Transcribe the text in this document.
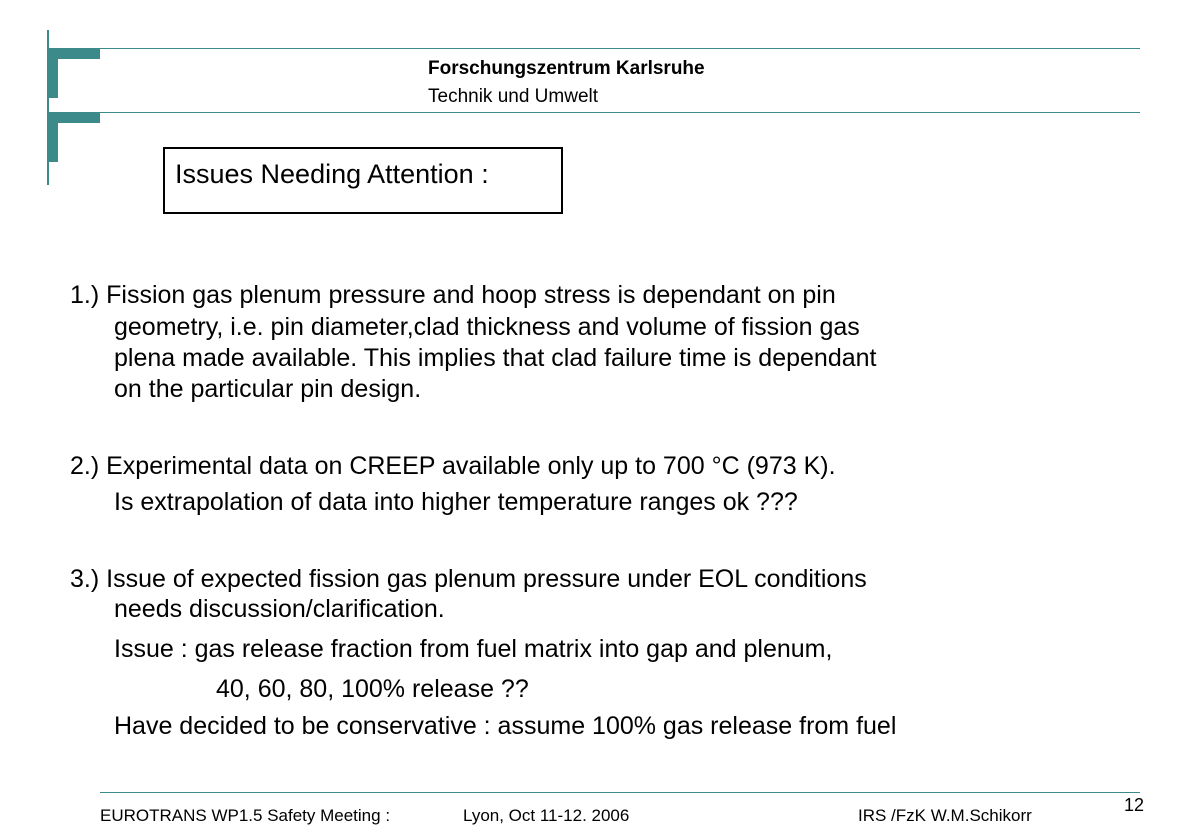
Forschungszentrum Karlsruhe
Technik und Umwelt
Issues Needing Attention :
1.) Fission gas plenum pressure and hoop stress is dependant on pin
geometry, i.e. pin diameter,clad thickness and volume of fission gas
plena made available. This implies that clad failure time is dependant
on the particular pin design.
2.) Experimental data on CREEP available only up to 700 °C (973 K).
Is extrapolation of data into higher temperature ranges ok ???
3.) Issue of expected fission gas plenum pressure under EOL conditions
needs discussion/clarification.
Issue : gas release fraction from fuel matrix into gap and plenum,
40, 60, 80, 100% release ??
Have decided to be conservative : assume 100% gas release from fuel
EUROTRANS WP1.5 Safety Meeting :	Lyon, Oct 11-12. 2006	IRS /FzK W.M.Schikorr
12
